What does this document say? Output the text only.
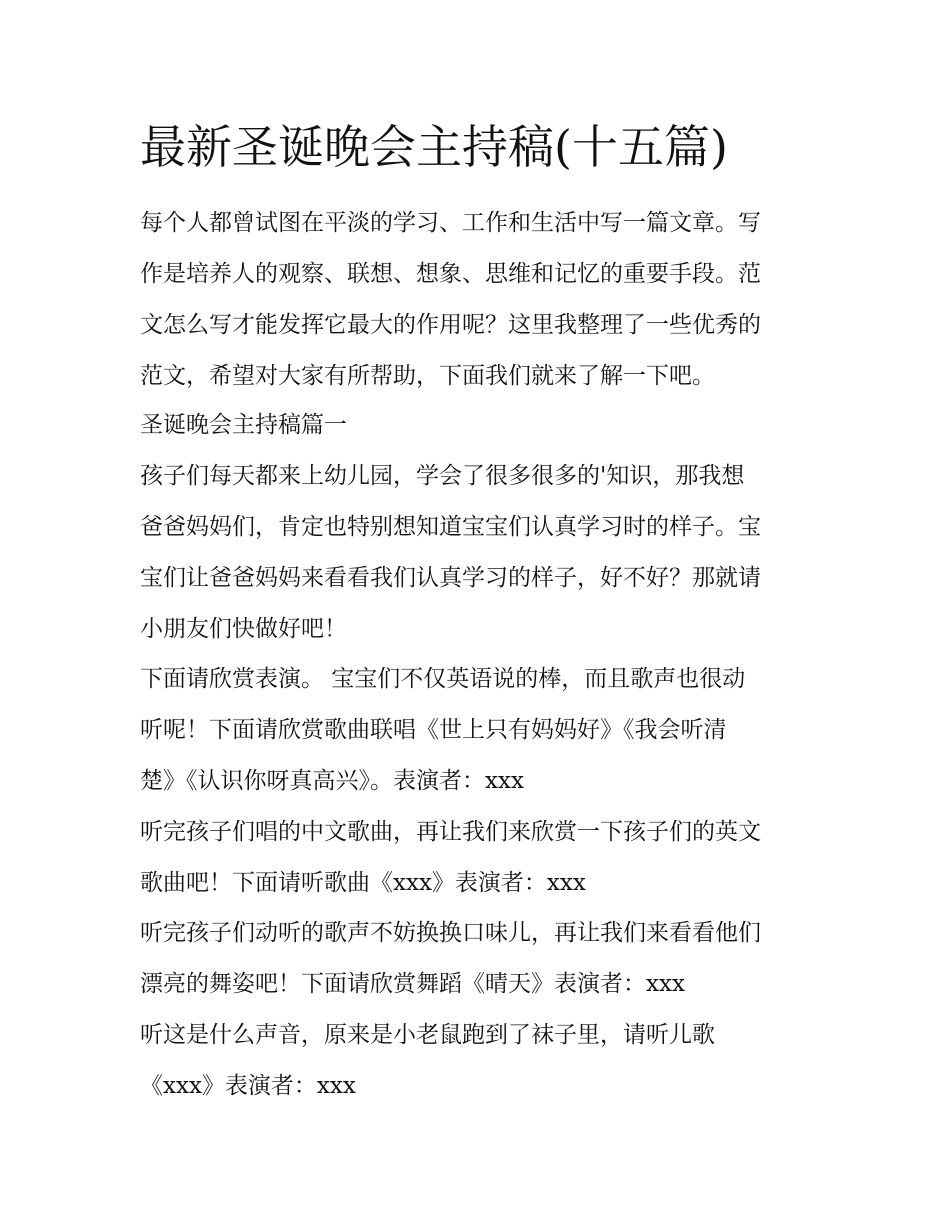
最新圣诞晚会主持稿(十五篇)

每个人都曾试图在平淡的学习、工作和生活中写一篇文章。写

作是培养人的观察、联想、想象、思维和记忆的重要手段。范

文怎么写才能发挥它最大的作用呢？这里我整理了一些优秀的

范文，希望对大家有所帮助，下面我们就来了解一下吧。

圣诞晚会主持稿篇一

孩子们每天都来上幼儿园，学会了很多很多的'知识，那我想

爸爸妈妈们，肯定也特别想知道宝宝们认真学习时的样子。宝

宝们让爸爸妈妈来看看我们认真学习的样子，好不好？那就请

小朋友们快做好吧！

下面请欣赏表演。 宝宝们不仅英语说的棒，而且歌声也很动

听呢！下面请欣赏歌曲联唱《世上只有妈妈好》《我会听清

楚》《认识你呀真高兴》。表演者：xxx

听完孩子们唱的中文歌曲，再让我们来欣赏一下孩子们的英文

歌曲吧！下面请听歌曲《xxx》表演者：xxx

听完孩子们动听的歌声不妨换换口味儿，再让我们来看看他们

漂亮的舞姿吧！下面请欣赏舞蹈《晴天》表演者：xxx

听这是什么声音，原来是小老鼠跑到了袜子里，请听儿歌

《xxx》表演者：xxx
